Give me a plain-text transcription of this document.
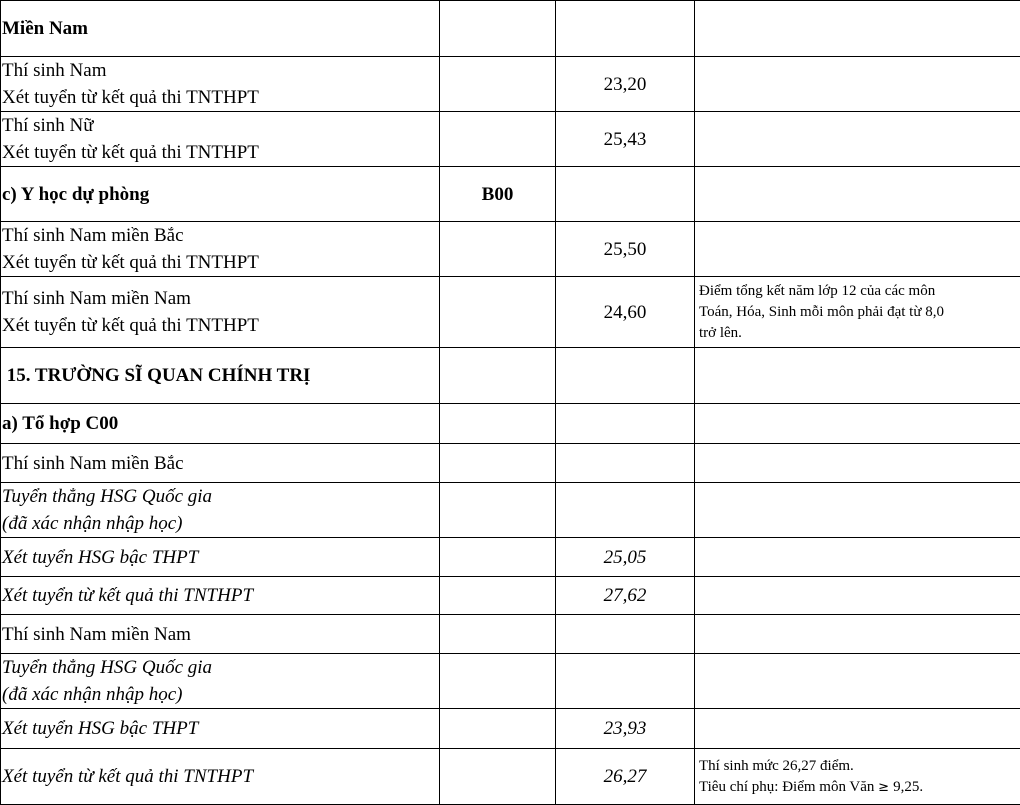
Miền Nam			

Thí sinh Nam
Xét tuyển từ kết quả thi TNTHPT		23,20	

Thí sinh Nữ
Xét tuyển từ kết quả thi TNTHPT		25,43	

c) Y học dự phòng	B00		

Thí sinh Nam miền Bắc
Xét tuyển từ kết quả thi TNTHPT		25,50	

Thí sinh Nam miền Nam
Xét tuyển từ kết quả thi TNTHPT		24,60	Điểm tổng kết năm lớp 12 của các môn
Toán, Hóa, Sinh mỗi môn phải đạt từ 8,0
trở lên.

15. TRƯỜNG SĨ QUAN CHÍNH TRỊ			

a) Tổ hợp C00			

Thí sinh Nam miền Bắc			

Tuyển thẳng HSG Quốc gia
(đã xác nhận nhập học)			

Xét tuyển HSG bậc THPT		25,05	

Xét tuyển từ kết quả thi TNTHPT		27,62	

Thí sinh Nam miền Nam			

Tuyển thẳng HSG Quốc gia
(đã xác nhận nhập học)			

Xét tuyển HSG bậc THPT		23,93	

Xét tuyển từ kết quả thi TNTHPT		26,27	Thí sinh mức 26,27 điểm.
Tiêu chí phụ: Điểm môn Văn ≥ 9,25.
